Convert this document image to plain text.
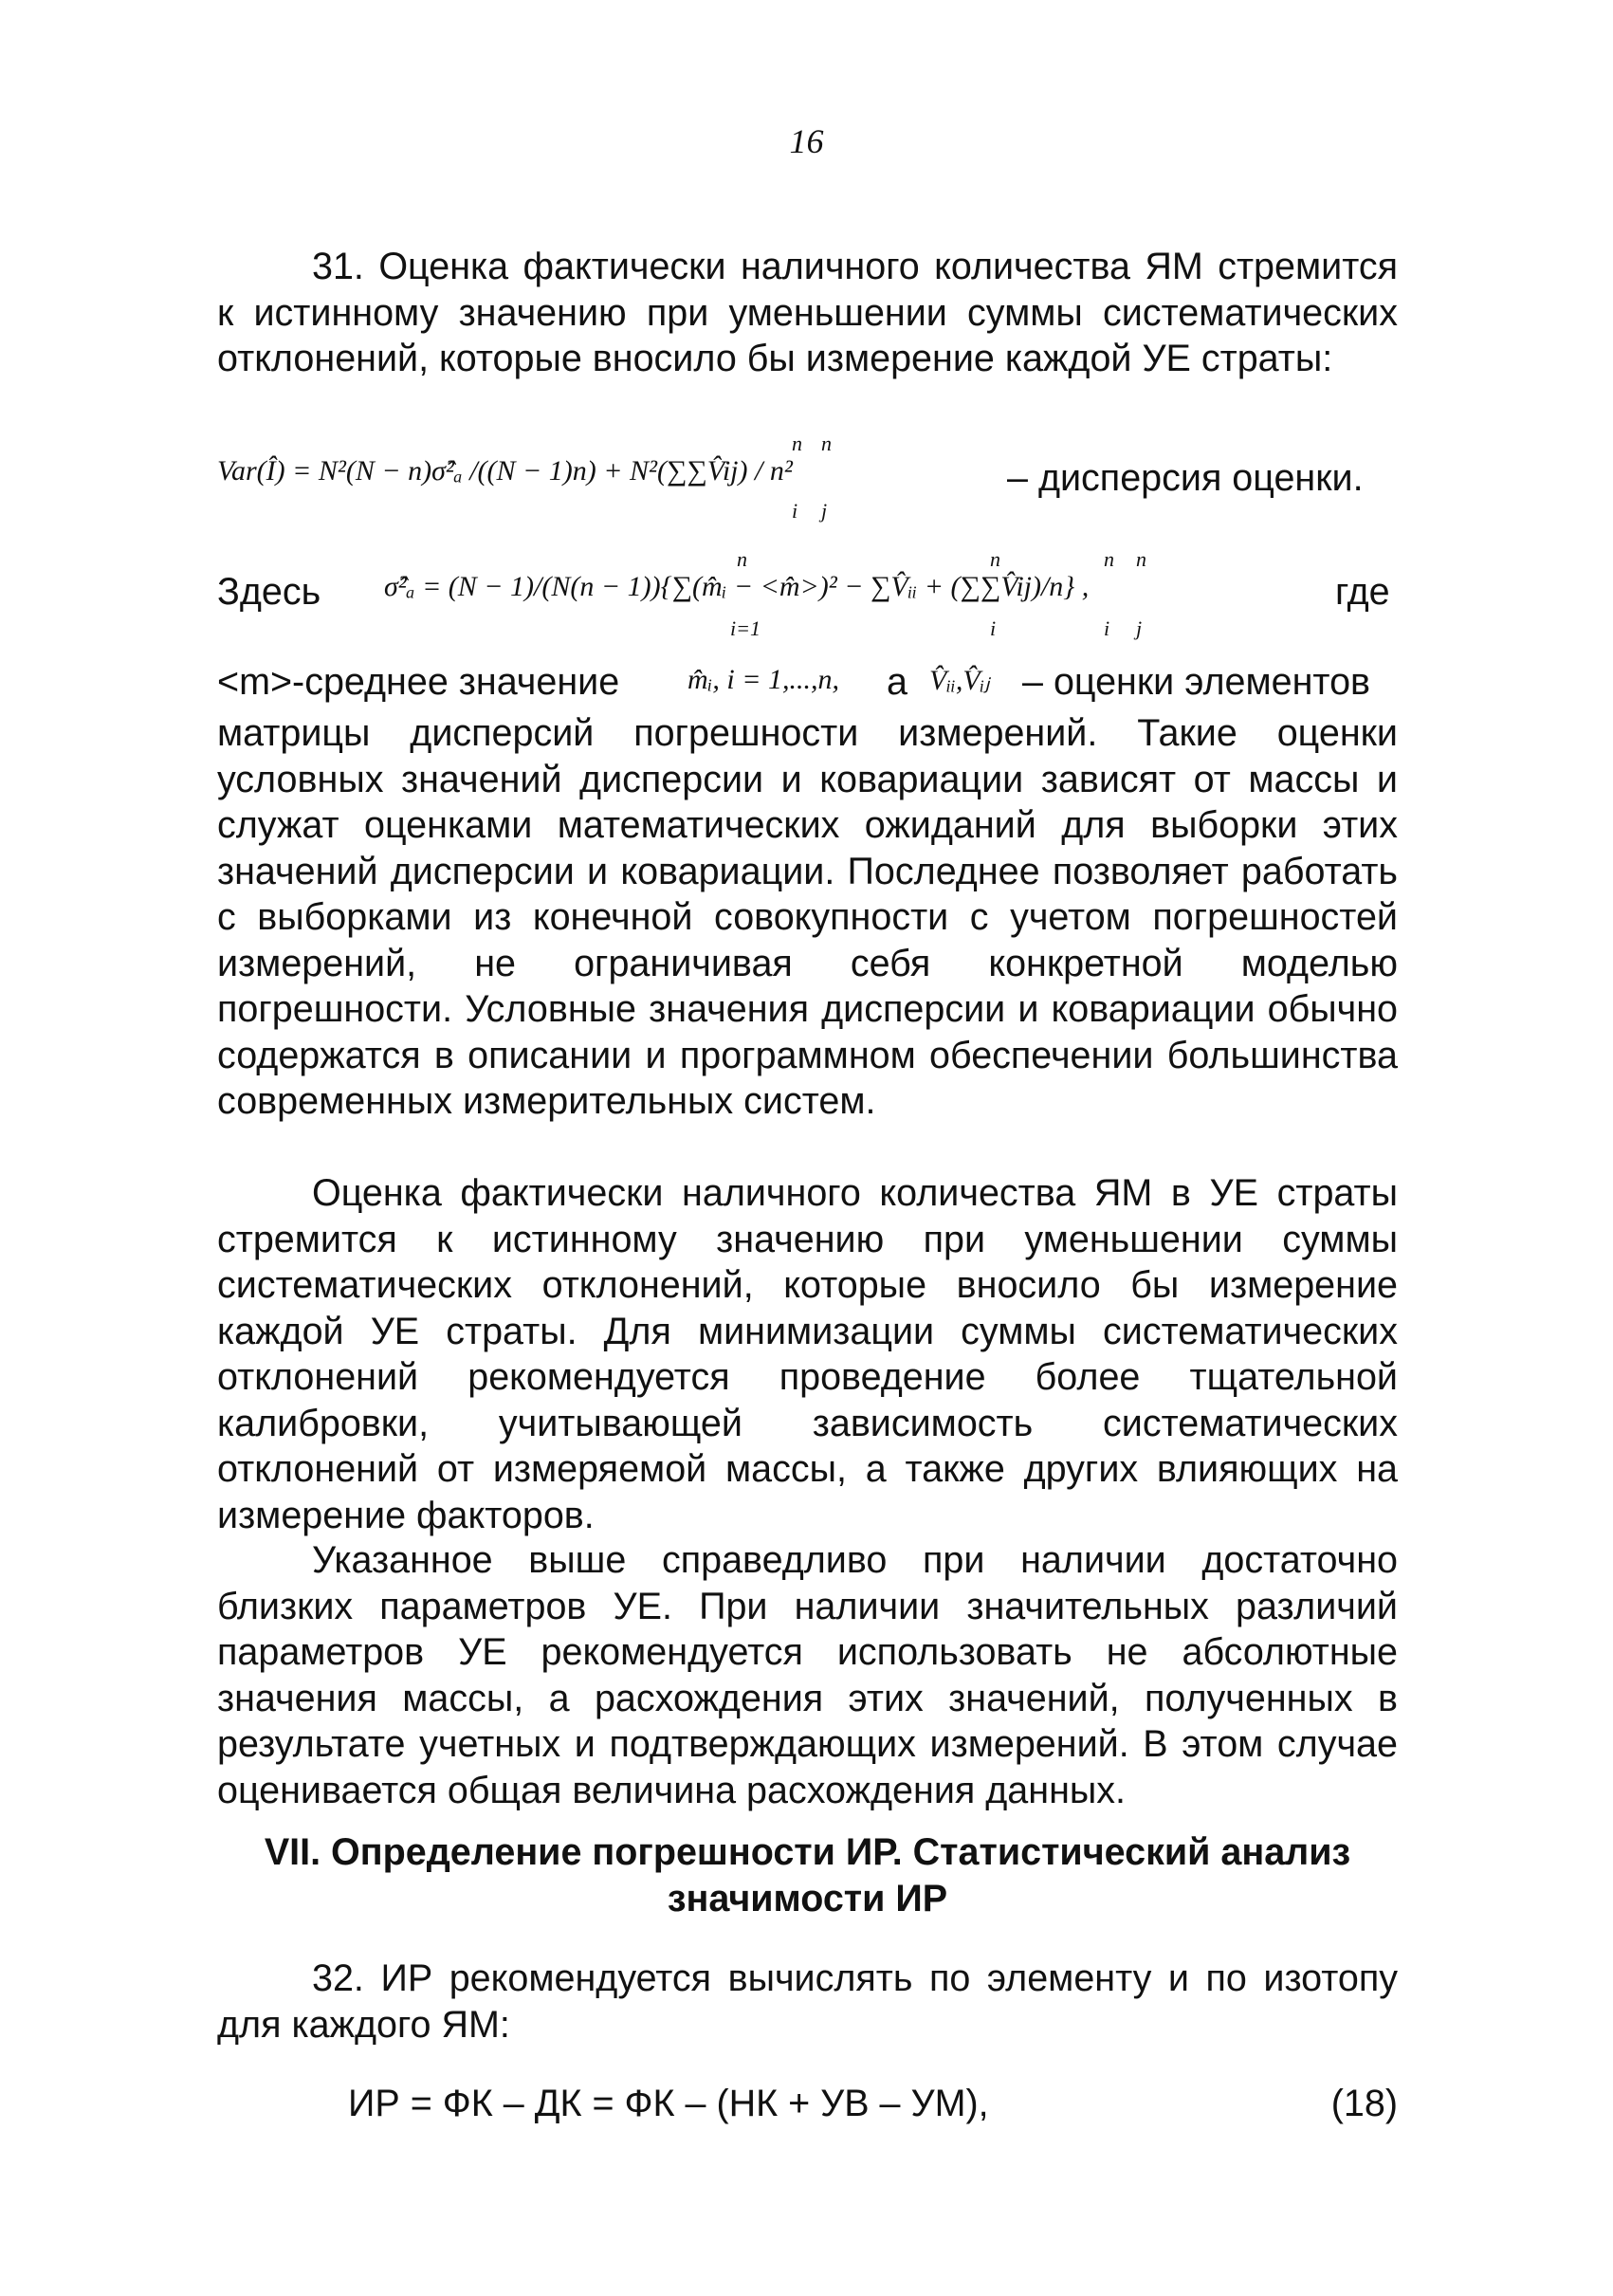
16

31. Оценка фактически наличного количества ЯМ стремится к истинному значению при уменьшении суммы систематических отклонений, которые вносило бы измерение каждой УЕ страты:

Var(Î) = N²(N − n)σ̂²ₐ /((N − 1)n) + N²(∑∑V̂ij) / n²
n n
i j
– дисперсия оценки.
Здесь σ̂²ₐ = (N − 1)/(N(n − 1)){∑(m̂ᵢ − <m̂>)² − ∑V̂ᵢᵢ + (∑∑V̂ij)/n} ,
n
i=1
n
i
n n
i j
где
<m>-среднее значение m̂ᵢ, i = 1,...,n, а V̂ᵢᵢ,V̂ᵢⱼ – оценки элементов

матрицы дисперсий погрешности измерений. Такие оценки условных значений дисперсии и ковариации зависят от массы и служат оценками математических ожиданий для выборки этих значений дисперсии и ковариации. Последнее позволяет работать с выборками из конечной совокупности с учетом погрешностей измерений, не ограничивая себя конкретной моделью погрешности. Условные значения дисперсии и ковариации обычно содержатся в описании и программном обеспечении большинства современных измерительных систем.

Оценка фактически наличного количества ЯМ в УЕ страты стремится к истинному значению при уменьшении суммы систематических отклонений, которые вносило бы измерение каждой УЕ страты. Для минимизации суммы систематических отклонений рекомендуется проведение более тщательной калибровки, учитывающей зависимость систематических отклонений от измеряемой массы, а также других влияющих на измерение факторов.

Указанное выше справедливо при наличии достаточно близких параметров УЕ. При наличии значительных различий параметров УЕ рекомендуется использовать не абсолютные значения массы, а расхождения этих значений, полученных в результате учетных и подтверждающих измерений. В этом случае оценивается общая величина расхождения данных.

VII. Определение погрешности ИР. Статистический анализ

значимости ИР

32. ИР рекомендуется вычислять по элементу и по изотопу для каждого ЯМ:

ИР = ФК – ДК = ФК – (НК + УВ – УМ),	(18)
